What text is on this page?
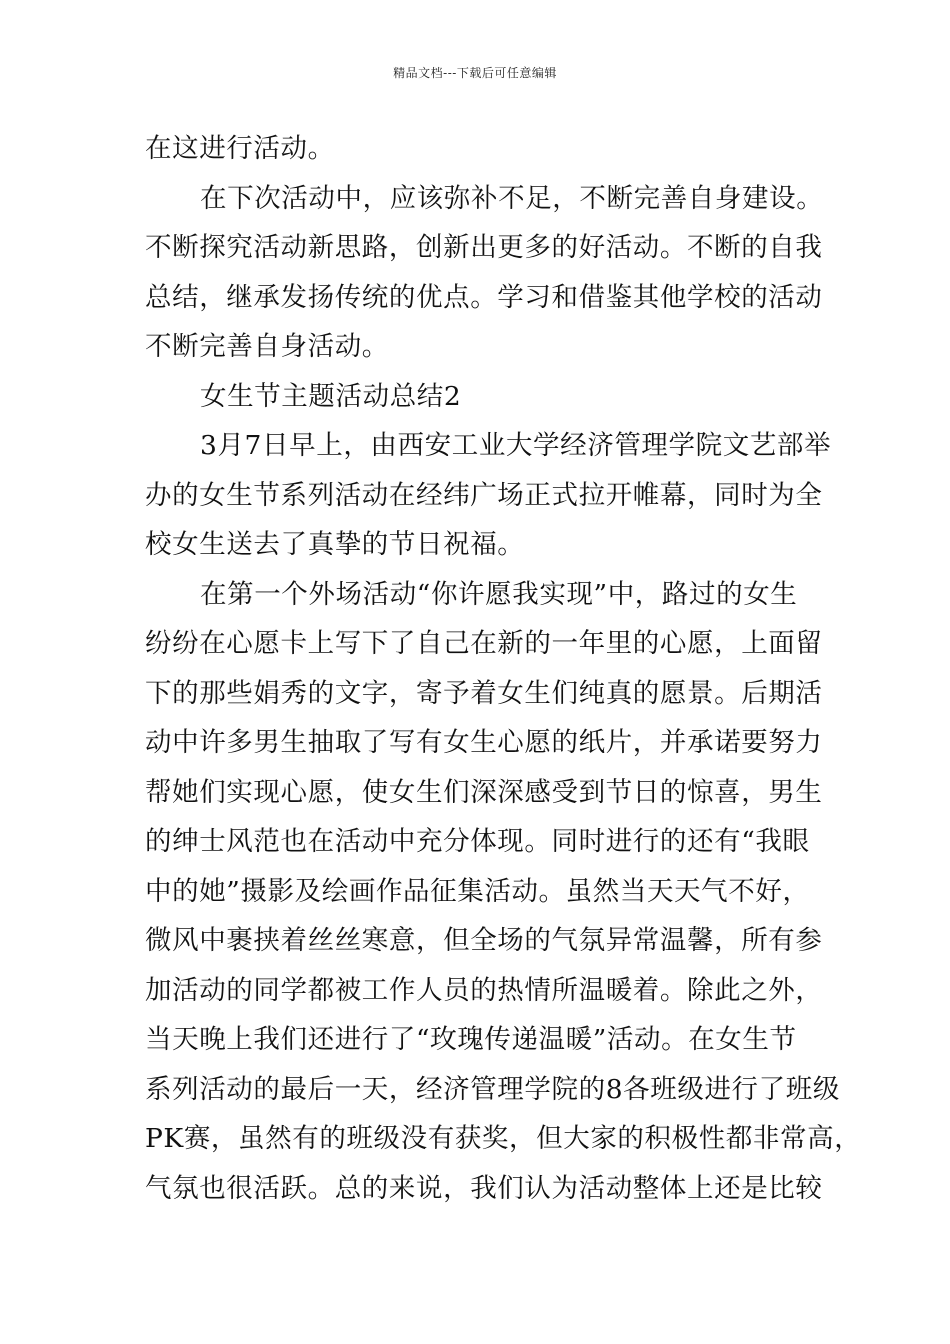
精品文档---下载后可任意编辑
在这进行活动。
在下次活动中，应该弥补不足，不断完善自身建设。
不断探究活动新思路，创新出更多的好活动。不断的自我
总结，继承发扬传统的优点。学习和借鉴其他学校的活动
不断完善自身活动。
女生节主题活动总结2
3月7日早上，由西安工业大学经济管理学院文艺部举
办的女生节系列活动在经纬广场正式拉开帷幕，同时为全
校女生送去了真挚的节日祝福。
在第一个外场活动“你许愿我实现”中，路过的女生
纷纷在心愿卡上写下了自己在新的一年里的心愿，上面留
下的那些娟秀的文字，寄予着女生们纯真的愿景。后期活
动中许多男生抽取了写有女生心愿的纸片，并承诺要努力
帮她们实现心愿，使女生们深深感受到节日的惊喜，男生
的绅士风范也在活动中充分体现。同时进行的还有“我眼
中的她”摄影及绘画作品征集活动。虽然当天天气不好，
微风中裹挟着丝丝寒意，但全场的气氛异常温馨，所有参
加活动的同学都被工作人员的热情所温暖着。除此之外，
当天晚上我们还进行了“玫瑰传递温暖”活动。在女生节
系列活动的最后一天，经济管理学院的8各班级进行了班级
PK赛，虽然有的班级没有获奖，但大家的积极性都非常高，
气氛也很活跃。总的来说，我们认为活动整体上还是比较
